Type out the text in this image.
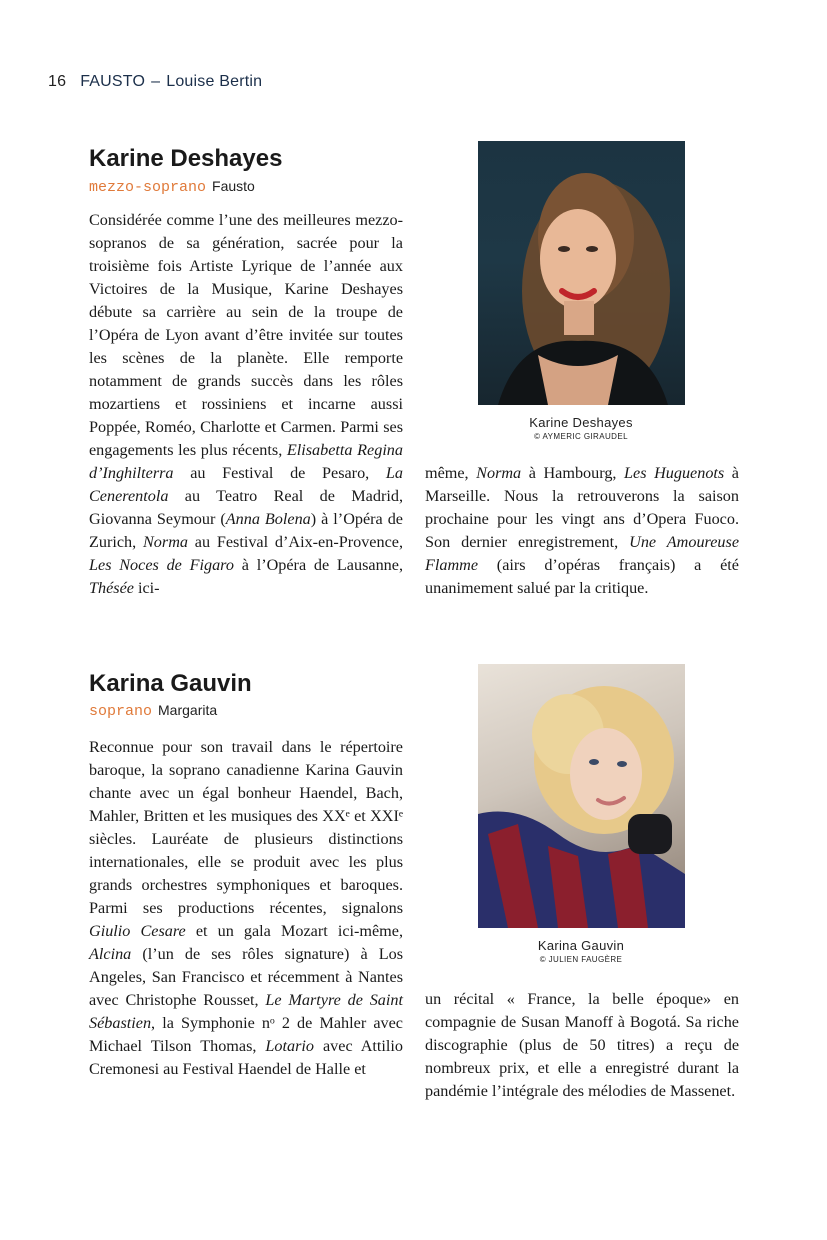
16 FAUSTO – Louise Bertin
Karine Deshayes
mezzo-soprano Fausto

Considérée comme l’une des meilleures mezzo-sopranos de sa génération, sacrée pour la troisième fois Artiste Lyrique de l’année aux Victoires de la Musique, Karine Deshayes débute sa carrière au sein de la troupe de l’Opéra de Lyon avant d’être invitée sur toutes les scènes de la planète. Elle remporte notamment de grands succès dans les rôles mozartiens et rossiniens et incarne aussi Poppée, Roméo, Charlotte et Carmen. Parmi ses engagements les plus récents, Elisabetta Regina d’Inghilterra au Festival de Pesaro, La Cenerentola au Teatro Real de Madrid, Giovanna Seymour (Anna Bolena) à l’Opéra de Zurich, Norma au Festival d’Aix-en-Provence, Les Noces de Figaro à l’Opéra de Lausanne, Thésée ici-

Karine Deshayes
© AYMERIC GIRAUDEL

même, Norma à Hambourg, Les Huguenots à Marseille. Nous la retrouverons la saison prochaine pour les vingt ans d’Opera Fuoco. Son dernier enregistrement, Une Amoureuse Flamme (airs d’opéras français) a été unanimement salué par la critique.

Karina Gauvin
soprano Margarita

Reconnue pour son travail dans le répertoire baroque, la soprano canadienne Karina Gauvin chante avec un égal bonheur Haendel, Bach, Mahler, Britten et les musiques des XXᵉ et XXIᵉ siècles. Lauréate de plusieurs distinctions internationales, elle se produit avec les plus grands orchestres symphoniques et baroques. Parmi ses productions récentes, signalons Giulio Cesare et un gala Mozart ici-même, Alcina (l’un de ses rôles signature) à Los Angeles, San Francisco et récemment à Nantes avec Christophe Rousset, Le Martyre de Saint Sébastien, la Symphonie nᵒ 2 de Mahler avec Michael Tilson Thomas, Lotario avec Attilio Cremonesi au Festival Haendel de Halle et

Karina Gauvin
© JULIEN FAUGÈRE

un récital « France, la belle époque» en compagnie de Susan Manoff à Bogotá. Sa riche discographie (plus de 50 titres) a reçu de nombreux prix, et elle a enregistré durant la pandémie l’intégrale des mélodies de Massenet.
